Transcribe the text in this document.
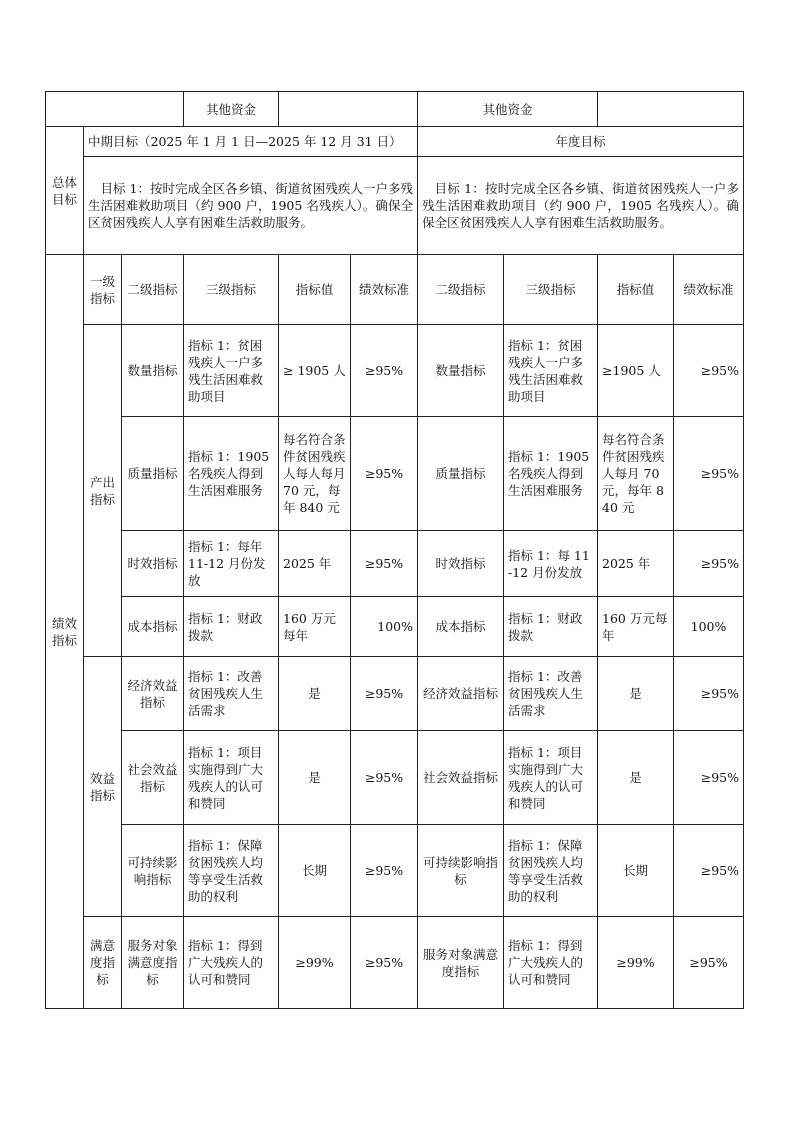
			其他资金			其他资金			
总体目标	中期目标（2025 年 1 月 1 日—2025 年 12 月 31 日）					年度目标			
	目标 1：按时完成全区各乡镇、街道贫困残疾人一户多残生活困难救助项目（约 900 户，1905 名残疾人）。确保全区贫困残疾人人享有困难生活救助服务。					目标 1：按时完成全区各乡镇、街道贫困残疾人一户多残生活困难救助项目（约 900 户，1905 名残疾人）。确保全区贫困残疾人人享有困难生活救助服务。			
绩效指标	一级指标	二级指标	三级指标	指标值	绩效标准	二级指标	三级指标	指标值	绩效标准
	产出指标	数量指标	指标 1：贫困残疾人一户多残生活困难救助项目	≥ 1905 人	≥95%	数量指标	指标 1：贫困残疾人一户多残生活困难救助项目	≥1905 人	≥95%
		质量指标	指标 1：1905 名残疾人得到生活困难服务	每名符合条件贫困残疾人每人每月 70 元，每年 840 元	≥95%	质量指标	指标 1：1905 名残疾人得到生活困难服务	每名符合条件贫困残疾人每月 70 元，每年 840 元	≥95%
		时效指标	指标 1：每年 11-12 月份发放	2025 年	≥95%	时效指标	指标 1：每 11-12 月份发放	2025 年	≥95%
		成本指标	指标 1：财政拨款	160 万元每年	100%	成本指标	指标 1：财政拨款	160 万元每年	100%
	效益指标	经济效益指标	指标 1：改善贫困残疾人生活需求	是	≥95%	经济效益指标	指标 1：改善贫困残疾人生活需求	是	≥95%
		社会效益指标	指标 1：项目实施得到广大残疾人的认可和赞同	是	≥95%	社会效益指标	指标 1：项目实施得到广大残疾人的认可和赞同	是	≥95%
		可持续影响指标	指标 1：保障贫困残疾人均等享受生活救助的权利	长期	≥95%	可持续影响指标	指标 1：保障贫困残疾人均等享受生活救助的权利	长期	≥95%
	满意度指标	服务对象满意度指标	指标 1：得到广大残疾人的认可和赞同	≥99%	≥95%	服务对象满意度指标	指标 1：得到广大残疾人的认可和赞同	≥99%	≥95%
